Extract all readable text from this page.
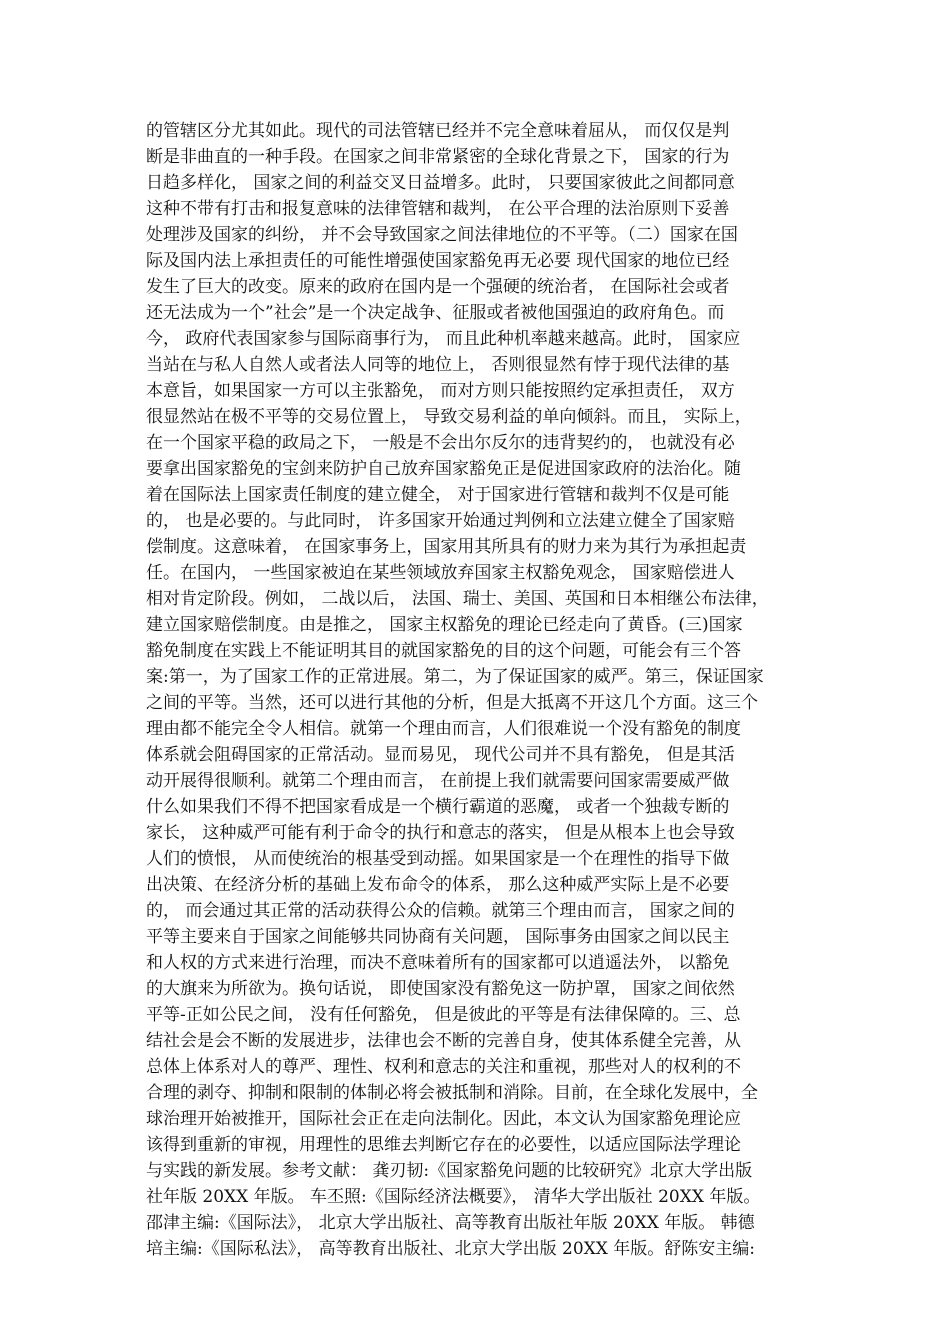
的管辖区分尤其如此。现代的司法管辖已经并不完全意味着屈从， 而仅仅是判
断是非曲直的一种手段。在国家之间非常紧密的全球化背景之下， 国家的行为
日趋多样化， 国家之间的利益交叉日益增多。此时， 只要国家彼此之间都同意
这种不带有打击和报复意味的法律管辖和裁判， 在公平合理的法治原则下妥善
处理涉及国家的纠纷， 并不会导致国家之间法律地位的不平等。（二）国家在国
际及国内法上承担责任的可能性增强使国家豁免再无必要 现代国家的地位已经
发生了巨大的改变。原来的政府在国内是一个强硬的统治者， 在国际社会或者
还无法成为一个”社会”是一个决定战争、征服或者被他国强迫的政府角色。而
今， 政府代表国家参与国际商事行为， 而且此种机率越来越高。此时， 国家应
当站在与私人自然人或者法人同等的地位上， 否则很显然有悖于现代法律的基
本意旨，如果国家一方可以主张豁免， 而对方则只能按照约定承担责任， 双方
很显然站在极不平等的交易位置上， 导致交易利益的单向倾斜。而且， 实际上，
在一个国家平稳的政局之下， 一般是不会出尔反尔的违背契约的， 也就没有必
要拿出国家豁免的宝剑来防护自己放弃国家豁免正是促进国家政府的法治化。随
着在国际法上国家责任制度的建立健全， 对于国家进行管辖和裁判不仅是可能
的， 也是必要的。与此同时， 许多国家开始通过判例和立法建立健全了国家赔
偿制度。这意味着， 在国家事务上，国家用其所具有的财力来为其行为承担起责
任。在国内， 一些国家被迫在某些领域放弃国家主权豁免观念， 国家赔偿进人
相对肯定阶段。例如， 二战以后， 法国、瑞士、美国、英国和日本相继公布法律，
建立国家赔偿制度。由是推之， 国家主权豁免的理论已经走向了黄昏。(三)国家
豁免制度在实践上不能证明其目的就国家豁免的目的这个问题，可能会有三个答
案:第一，为了国家工作的正常进展。第二，为了保证国家的威严。第三，保证国家
之间的平等。当然，还可以进行其他的分析，但是大抵离不开这几个方面。这三个
理由都不能完全令人相信。就第一个理由而言，人们很难说一个没有豁免的制度
体系就会阻碍国家的正常活动。显而易见， 现代公司并不具有豁免， 但是其活
动开展得很顺利。就第二个理由而言， 在前提上我们就需要问国家需要威严做
什么如果我们不得不把国家看成是一个横行霸道的恶魔， 或者一个独裁专断的
家长， 这种威严可能有利于命令的执行和意志的落实， 但是从根本上也会导致
人们的愤恨， 从而使统治的根基受到动摇。如果国家是一个在理性的指导下做
出决策、在经济分析的基础上发布命令的体系， 那么这种威严实际上是不必要
的， 而会通过其正常的活动获得公众的信赖。就第三个理由而言， 国家之间的
平等主要来自于国家之间能够共同协商有关问题， 国际事务由国家之间以民主
和人权的方式来进行治理，而决不意味着所有的国家都可以逍遥法外， 以豁免
的大旗来为所欲为。换句话说， 即使国家没有豁免这一防护罩， 国家之间依然
平等-正如公民之间， 没有任何豁免， 但是彼此的平等是有法律保障的。三、总
结社会是会不断的发展进步，法律也会不断的完善自身，使其体系健全完善，从
总体上体系对人的尊严、理性、权利和意志的关注和重视，那些对人的权利的不
合理的剥夺、抑制和限制的体制必将会被抵制和消除。目前，在全球化发展中，全
球治理开始被推开，国际社会正在走向法制化。因此，本文认为国家豁免理论应
该得到重新的审视，用理性的思维去判断它存在的必要性，以适应国际法学理论
与实践的新发展。参考文献： 龚刃韧:《国家豁免问题的比较研究》北京大学出版
社年版 20XX 年版。 车丕照:《国际经济法概要》， 清华大学出版社 20XX 年版。
邵津主编:《国际法》， 北京大学出版社、高等教育出版社年版 20XX 年版。 韩德
培主编:《国际私法》， 高等教育出版社、北京大学出版 20XX 年版。舒陈安主编:
